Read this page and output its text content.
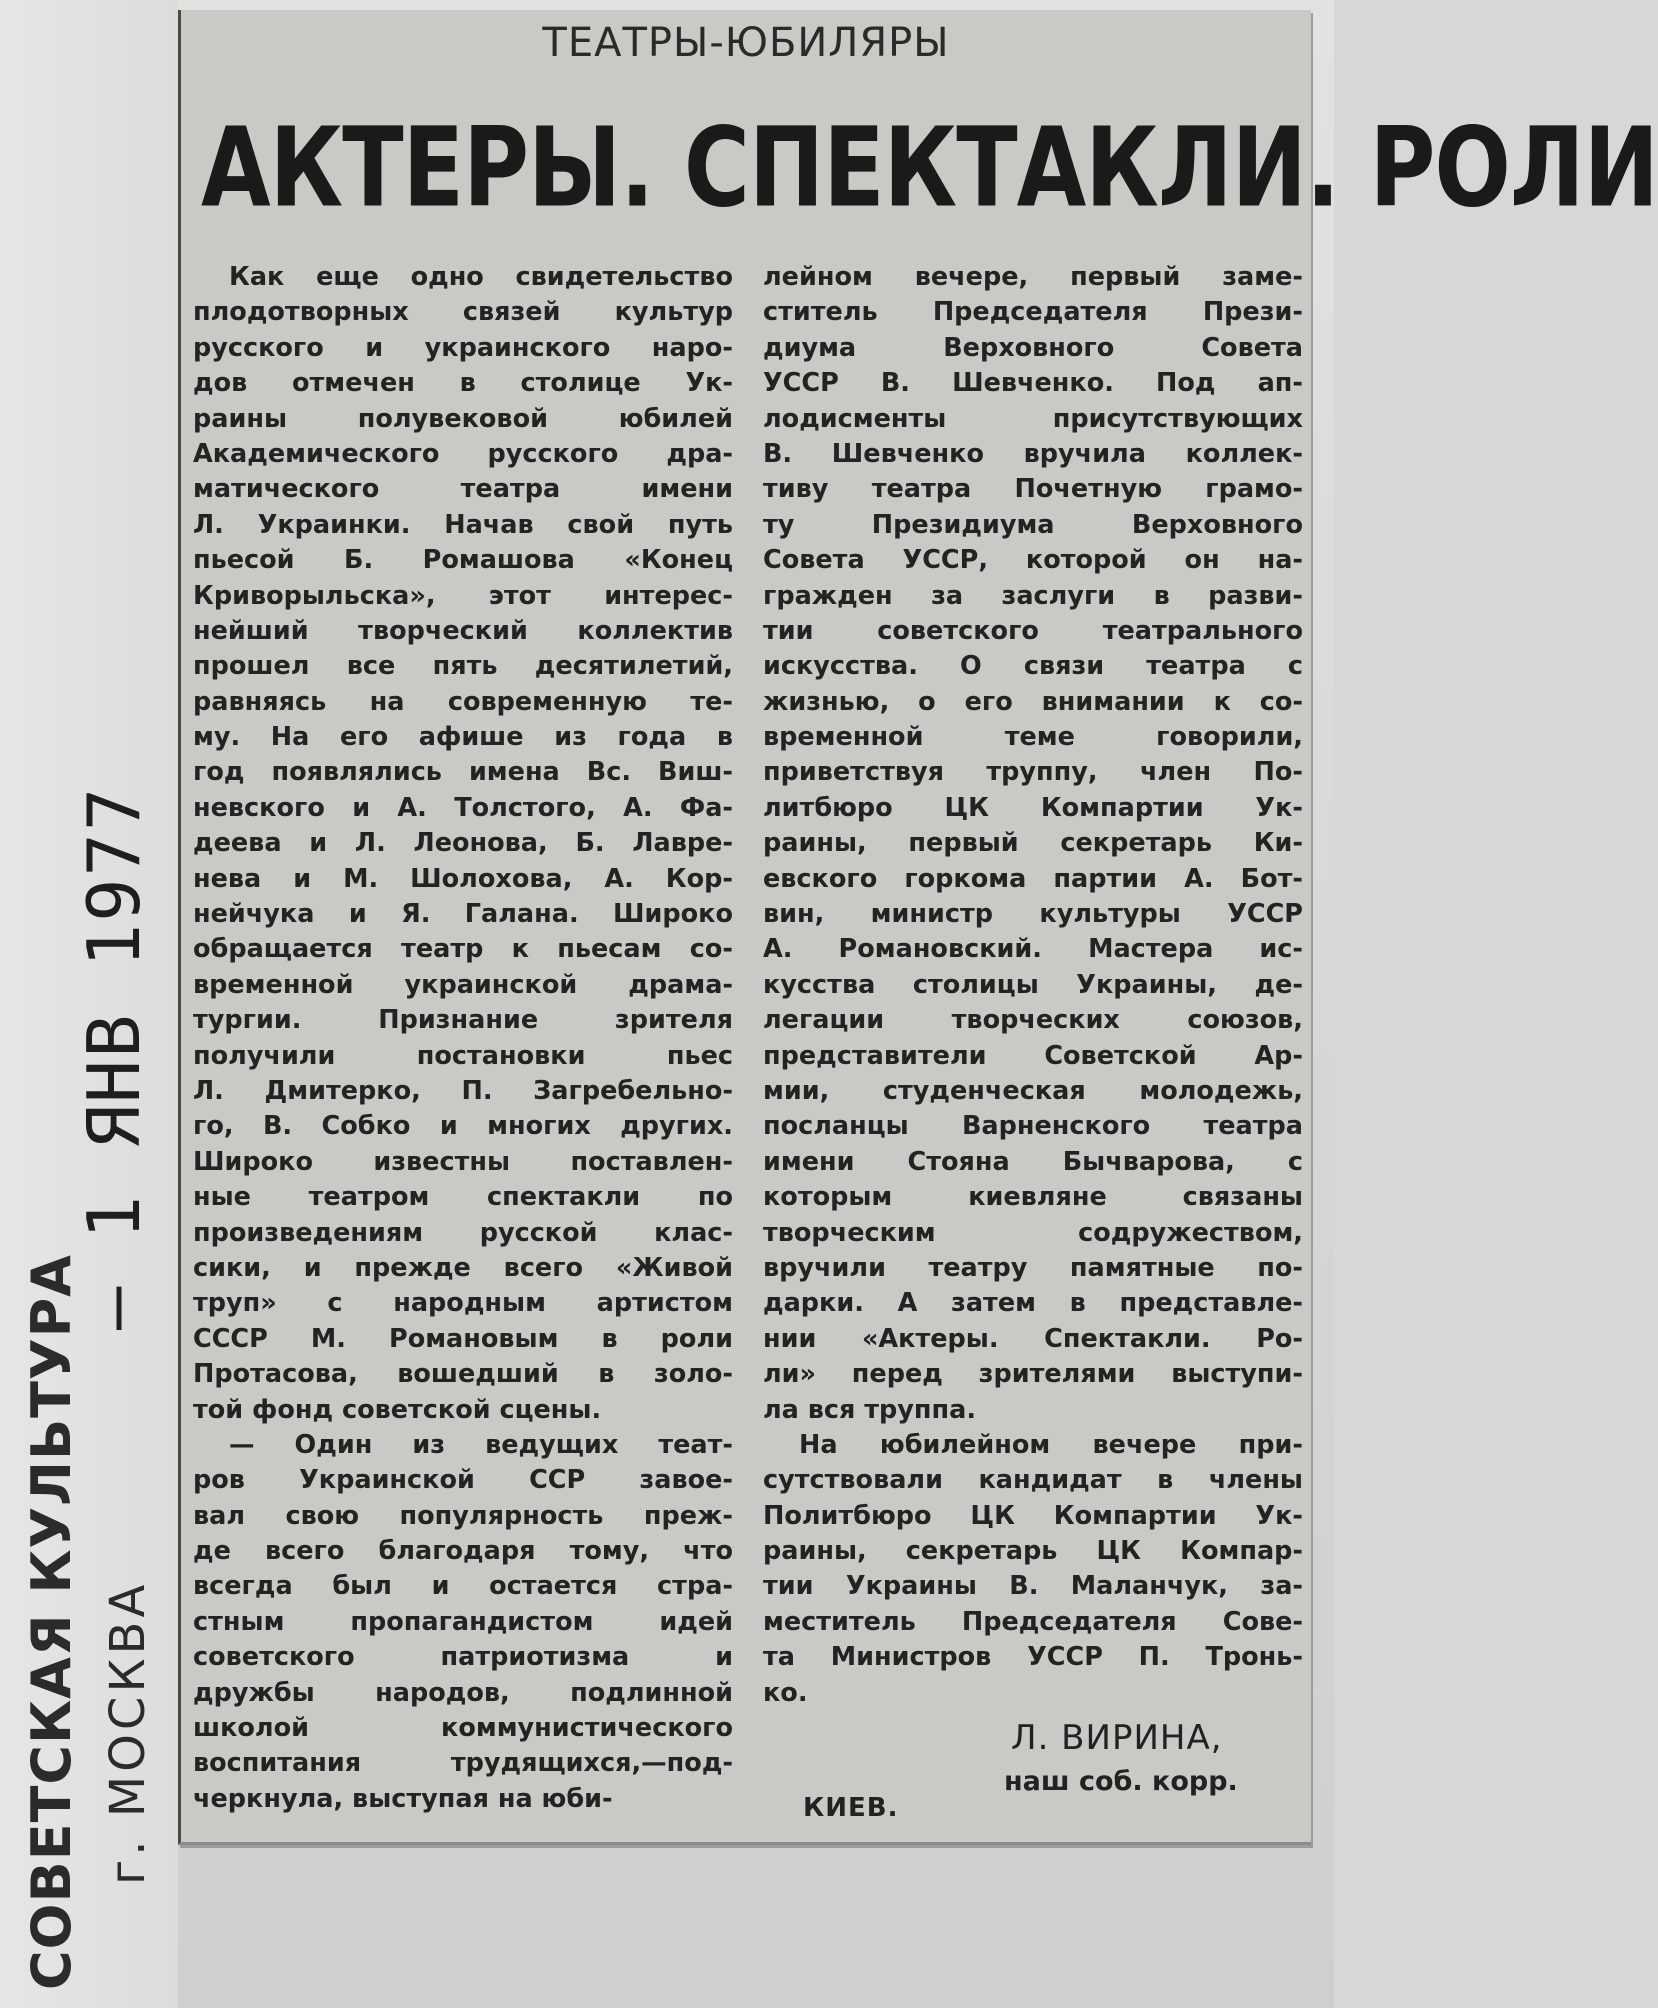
СОВЕТСКАЯ КУЛЬТУРА г. МОСКВА
— 1 ЯНВ 1977
ТЕАТРЫ-ЮБИЛЯРЫ
АКТЕРЫ. СПЕКТАКЛИ. РОЛИ

Как еще одно свидетельство

плодотворных связей культур

русского и украинского наро-

дов отмечен в столице Ук-

раины полувековой юбилей

Академического русского дра-

матического театра имени

Л. Украинки. Начав свой путь

пьесой Б. Ромашова «Конец

Криворыльска», этот интерес-

нейший творческий коллектив

прошел все пять десятилетий,

равняясь на современную те-

му. На его афише из года в

год появлялись имена Вс. Виш-

невского и А. Толстого, А. Фа-

деева и Л. Леонова, Б. Лавре-

нева и М. Шолохова, А. Кор-

нейчука и Я. Галана. Широко

обращается театр к пьесам со-

временной украинской драма-

тургии. Признание зрителя

получили постановки пьес

Л. Дмитерко, П. Загребельно-

го, В. Собко и многих других.

Широко известны поставлен-

ные театром спектакли по

произведениям русской клас-

сики, и прежде всего «Живой

труп» с народным артистом

СССР М. Романовым в роли

Протасова, вошедший в золо-

той фонд советской сцены.

— Один из ведущих теат-

ров Украинской ССР завое-

вал свою популярность преж-

де всего благодаря тому, что

всегда был и остается стра-

стным пропагандистом идей

советского патриотизма и

дружбы народов, подлинной

школой коммунистического

воспитания трудящихся,—под-

черкнула, выступая на юби-

лейном вечере, первый заме-

ститель Председателя Прези-

диума Верховного Совета

УССР В. Шевченко. Под ап-

лодисменты присутствующих

В. Шевченко вручила коллек-

тиву театра Почетную грамо-

ту Президиума Верховного

Совета УССР, которой он на-

гражден за заслуги в разви-

тии советского театрального

искусства. О связи театра с

жизнью, о его внимании к со-

временной теме говорили,

приветствуя труппу, член По-

литбюро ЦК Компартии Ук-

раины, первый секретарь Ки-

евского горкома партии А. Бот-

вин, министр культуры УССР

А. Романовский. Мастера ис-

кусства столицы Украины, де-

легации творческих союзов,

представители Советской Ар-

мии, студенческая молодежь,

посланцы Варненского театра

имени Стояна Бычварова, с

которым киевляне связаны

творческим содружеством,

вручили театру памятные по-

дарки. А затем в представле-

нии «Актеры. Спектакли. Ро-

ли» перед зрителями выступи-

ла вся труппа.

На юбилейном вечере при-

сутствовали кандидат в члены

Политбюро ЦК Компартии Ук-

раины, секретарь ЦК Компар-

тии Украины В. Маланчук, за-

меститель Председателя Сове-

та Министров УССР П. Тронь-

ко.

Л. ВИРИНА,
наш соб. корр.
КИЕВ.
